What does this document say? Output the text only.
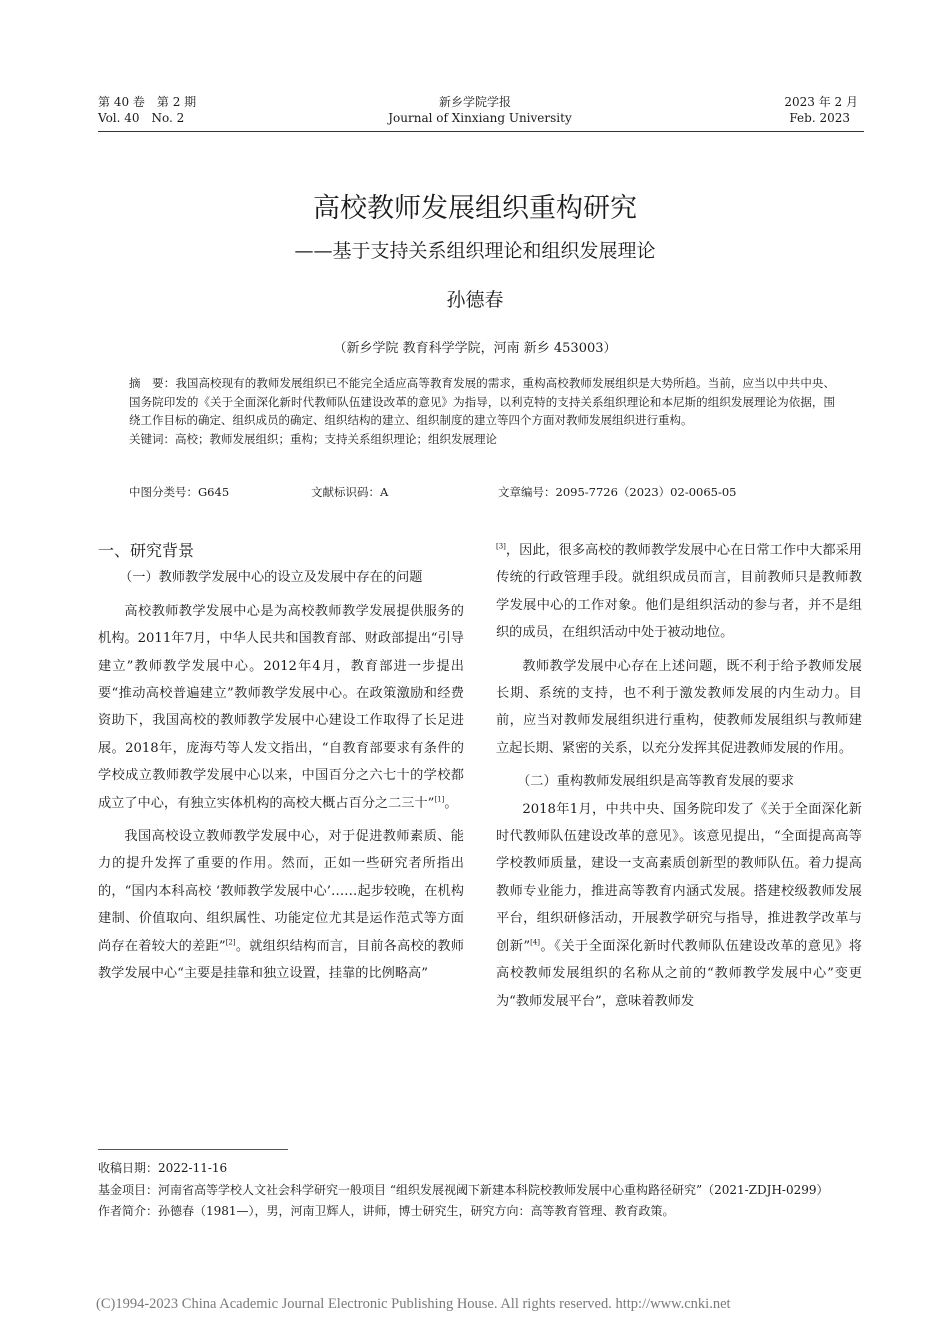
第 40 卷　第 2 期
Vol. 40　No. 2
新乡学院学报
Journal of Xinxiang University
2023 年 2 月
Feb. 2023
高校教师发展组织重构研究
——基于支持关系组织理论和组织发展理论
孙德春
（新乡学院 教育科学学院，河南 新乡 453003）

摘　要：我国高校现有的教师发展组织已不能完全适应高等教育发展的需求，重构高校教师发展组织是大势所趋。当前，应当以中共中央、国务院印发的《关于全面深化新时代教师队伍建设改革的意见》为指导，以利克特的支持关系组织理论和本尼斯的组织发展理论为依据，围绕工作目标的确定、组织成员的确定、组织结构的建立、组织制度的建立等四个方面对教师发展组织进行重构。

关键词：高校；教师发展组织；重构；支持关系组织理论；组织发展理论

中图分类号：G645	文献标识码：A	文章编号：2095-7726（2023）02-0065-05

一、研究背景

（一）教师教学发展中心的设立及发展中存在的问题

高校教师教学发展中心是为高校教师教学发展提供服务的机构。2011年7月，中华人民共和国教育部、财政部提出“引导建立”教师教学发展中心。2012年4月，教育部进一步提出要“推动高校普遍建立”教师教学发展中心。在政策激励和经费资助下，我国高校的教师教学发展中心建设工作取得了长足进展。2018年，庞海芍等人发文指出，“自教育部要求有条件的学校成立教师教学发展中心以来，中国百分之六七十的学校都成立了中心，有独立实体机构的高校大概占百分之二三十”[1]。

我国高校设立教师教学发展中心，对于促进教师素质、能力的提升发挥了重要的作用。然而，正如一些研究者所指出的，“国内本科高校 ‘教师教学发展中心’……起步较晚，在机构建制、价值取向、组织属性、功能定位尤其是运作范式等方面尚存在着较大的差距”[2]。就组织结构而言，目前各高校的教师教学发展中心“主要是挂靠和独立设置，挂靠的比例略高”

[3]，因此，很多高校的教师教学发展中心在日常工作中大都采用传统的行政管理手段。就组织成员而言，目前教师只是教师教学发展中心的工作对象。他们是组织活动的参与者，并不是组织的成员，在组织活动中处于被动地位。

教师教学发展中心存在上述问题，既不利于给予教师发展长期、系统的支持，也不利于激发教师发展的内生动力。目前，应当对教师发展组织进行重构，使教师发展组织与教师建立起长期、紧密的关系，以充分发挥其促进教师发展的作用。

（二）重构教师发展组织是高等教育发展的要求

2018年1月，中共中央、国务院印发了《关于全面深化新时代教师队伍建设改革的意见》。该意见提出，“全面提高高等学校教师质量，建设一支高素质创新型的教师队伍。着力提高教师专业能力，推进高等教育内涵式发展。搭建校级教师发展平台，组织研修活动，开展教学研究与指导，推进教学改革与创新”[4]。《关于全面深化新时代教师队伍建设改革的意见》将高校教师发展组织的名称从之前的“教师教学发展中心”变更为“教师发展平台”，意味着教师发

收稿日期：2022-11-16

基金项目：河南省高等学校人文社会科学研究一般项目 “组织发展视阈下新建本科院校教师发展中心重构路径研究”（2021-ZDJH-0299）

作者简介：孙德春（1981—），男，河南卫辉人，讲师，博士研究生，研究方向：高等教育管理、教育政策。

(C)1994-2023 China Academic Journal Electronic Publishing House. All rights reserved. http://www.cnki.net
